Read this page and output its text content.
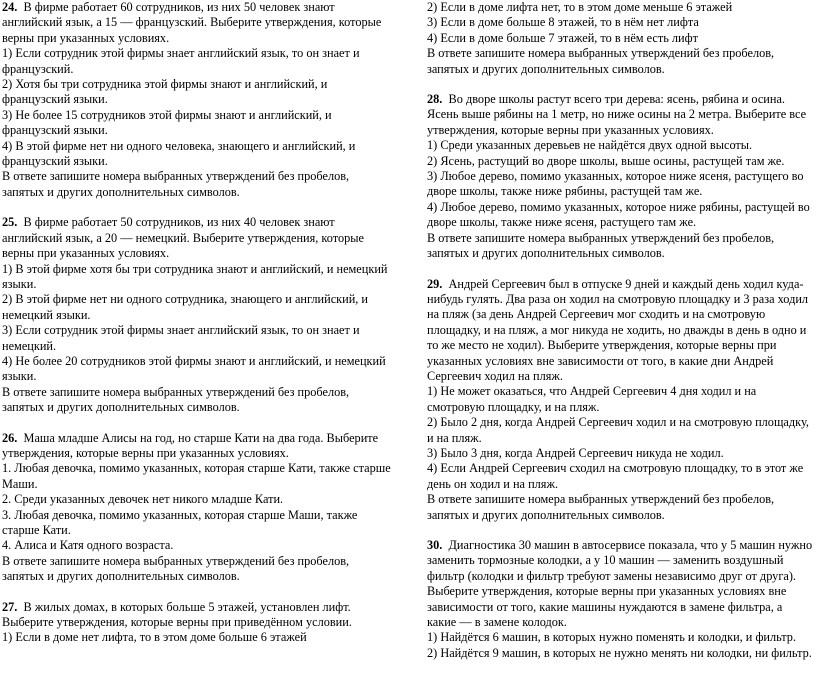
24. В фирме работает 60 сотрудников, из них 50 человек знают английский язык, а 15 — французский. Выберите утверждения, которые верны при указанных условиях.

1) Если сотрудник этой фирмы знает английский язык, то он знает и французский.

2) Хотя бы три сотрудника этой фирмы знают и английский, и французский языки.

3) Не более 15 сотрудников этой фирмы знают и английский, и французский языки.

4) В этой фирме нет ни одного человека, знающего и английский, и французский языки.

В ответе запишите номера выбранных утверждений без пробелов, запятых и других дополнительных символов.

25. В фирме работает 50 сотрудников, из них 40 человек знают английский язык, а 20 — немецкий. Выберите утверждения, которые верны при указанных условиях.

1) В этой фирме хотя бы три сотрудника знают и английский, и немецкий языки.

2) В этой фирме нет ни одного сотрудника, знающего и английский, и немецкий языки.

3) Если сотрудник этой фирмы знает английский язык, то он знает и немецкий.

4) Не более 20 сотрудников этой фирмы знают и английский, и немецкий языки.

В ответе запишите номера выбранных утверждений без пробелов, запятых и других дополнительных символов.

26. Маша младше Алисы на год, но старше Кати на два года. Выберите утверждения, которые верны при указанных условиях.

1. Любая девочка, помимо указанных, которая старше Кати, также старше Маши.

2. Среди указанных девочек нет никого младше Кати.

3. Любая девочка, помимо указанных, которая старше Маши, также старше Кати.

4. Алиса и Катя одного возраста.

В ответе запишите номера выбранных утверждений без пробелов, запятых и других дополнительных символов.

27. В жилых домах, в которых больше 5 этажей, установлен лифт. Выберите утверждения, которые верны при приведённом условии.

1) Если в доме нет лифта, то в этом доме больше 6 этажей

2) Если в доме лифта нет, то в этом доме меньше 6 этажей

3) Если в доме больше 8 этажей, то в нём нет лифта

4) Если в доме больше 7 этажей, то в нём есть лифт

В ответе запишите номера выбранных утверждений без пробелов, запятых и других дополнительных символов.

28. Во дворе школы растут всего три дерева: ясень, рябина и осина. Ясень выше рябины на 1 метр, но ниже осины на 2 метра. Выберите все утверждения, которые верны при указанных условиях.

1) Среди указанных деревьев не найдётся двух одной высоты.

2) Ясень, растущий во дворе школы, выше осины, растущей там же.

3) Любое дерево, помимо указанных, которое ниже ясеня, растущего во дворе школы, также ниже рябины, растущей там же.

4) Любое дерево, помимо указанных, которое ниже рябины, растущей во дворе школы, также ниже ясеня, растущего там же.

В ответе запишите номера выбранных утверждений без пробелов, запятых и других дополнительных символов.

29. Андрей Сергеевич был в отпуске 9 дней и каждый день ходил куда-нибудь гулять. Два раза он ходил на смотровую площадку и 3 раза ходил на пляж (за день Андрей Сергеевич мог сходить и на смотровую площадку, и на пляж, а мог никуда не ходить, но дважды в день в одно и то же место не ходил). Выберите утверждения, которые верны при указанных условиях вне зависимости от того, в какие дни Андрей Сергеевич ходил на пляж.

1) Не может оказаться, что Андрей Сергеевич 4 дня ходил и на смотровую площадку, и на пляж.

2) Было 2 дня, когда Андрей Сергеевич ходил и на смотровую площадку, и на пляж.

3) Было 3 дня, когда Андрей Сергеевич никуда не ходил.

4) Если Андрей Сергеевич сходил на смотровую площадку, то в этот же день он ходил и на пляж.

В ответе запишите номера выбранных утверждений без пробелов, запятых и других дополнительных символов.

30. Диагностика 30 машин в автосервисе показала, что у 5 машин нужно заменить тормозные колодки, а у 10 машин — заменить воздушный фильтр (колодки и фильтр требуют замены независимо друг от друга). Выберите утверждения, которые верны при указанных условиях вне зависимости от того, какие машины нуждаются в замене фильтра, а какие — в замене колодок.

1) Найдётся 6 машин, в которых нужно поменять и колодки, и фильтр.

2) Найдётся 9 машин, в которых не нужно менять ни колодки, ни фильтр.
